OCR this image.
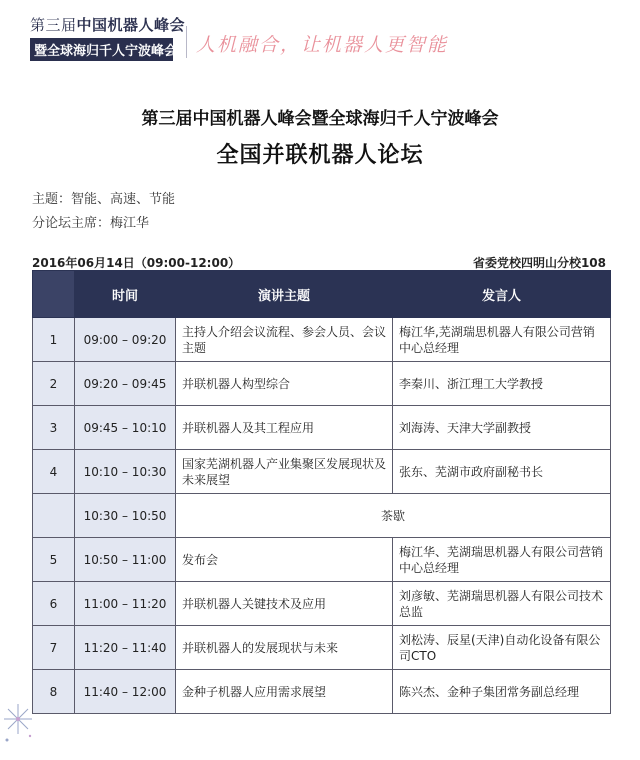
第三届中国机器人峰会
暨全球海归千人宁波峰会 人机融合，让机器人更智能
第三届中国机器人峰会暨全球海归千人宁波峰会
全国并联机器人论坛
主题：智能、高速、节能
分论坛主席：梅江华
2016年06月14日（09:00-12:00）	省委党校四明山分校108
	时间	演讲主题	发言人
1	09:00 – 09:20	主持人介绍会议流程、参会人员、会议主题	梅江华,芜湖瑞思机器人有限公司营销中心总经理
2	09:20 – 09:45	并联机器人构型综合	李秦川、浙江理工大学教授
3	09:45 – 10:10	并联机器人及其工程应用	刘海涛、天津大学副教授
4	10:10 – 10:30	国家芜湖机器人产业集聚区发展现状及未来展望	张东、芜湖市政府副秘书长
	10:30 – 10:50	茶歇	
5	10:50 – 11:00	发布会	梅江华、芜湖瑞思机器人有限公司营销中心总经理
6	11:00 – 11:20	并联机器人关键技术及应用	刘彦敏、芜湖瑞思机器人有限公司技术总监
7	11:20 – 11:40	并联机器人的发展现状与未来	刘松涛、辰星(天津)自动化设备有限公司CTO
8	11:40 – 12:00	金种子机器人应用需求展望	陈兴杰、金种子集团常务副总经理
